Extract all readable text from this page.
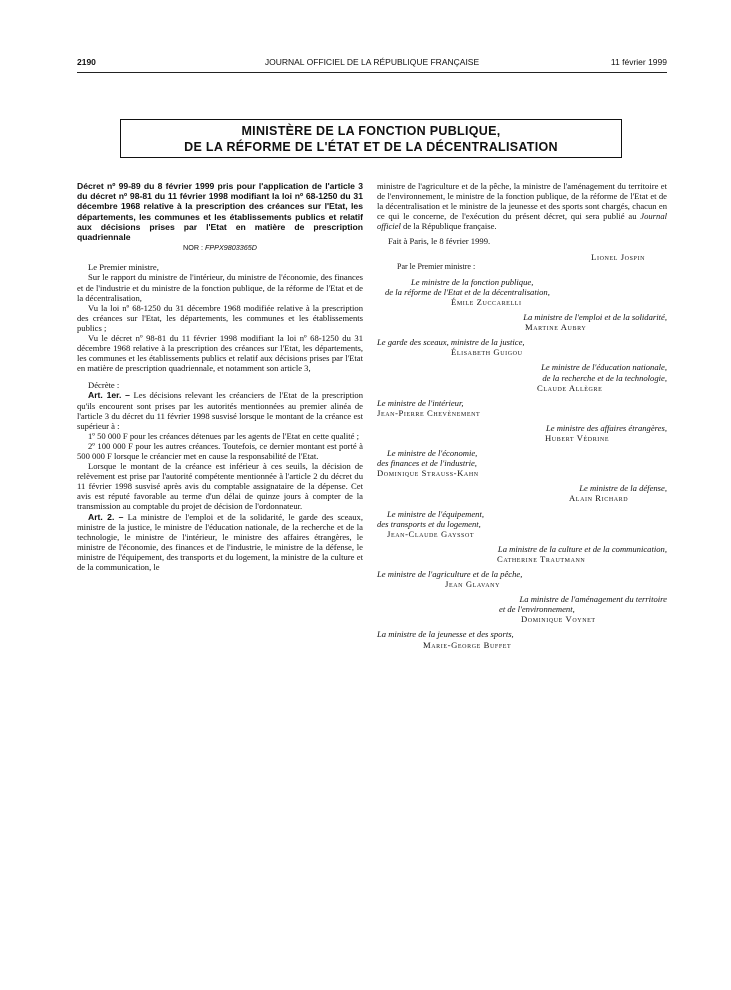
2190	JOURNAL OFFICIEL DE LA RÉPUBLIQUE FRANÇAISE	11 février 1999
MINISTÈRE DE LA FONCTION PUBLIQUE,
DE LA RÉFORME DE L'ÉTAT ET DE LA DÉCENTRALISATION

Décret nº 99-89 du 8 février 1999 pris pour l'application de l'article 3 du décret nº 98-81 du 11 février 1998 modifiant la loi nº 68-1250 du 31 décembre 1968 relative à la prescription des créances sur l'Etat, les départements, les communes et les établissements publics et relatif aux décisions prises par l'Etat en matière de prescription quadriennale

NOR : FPPX9803365D

Le Premier ministre,

Sur le rapport du ministre de l'intérieur, du ministre de l'économie, des finances et de l'industrie et du ministre de la fonction publique, de la réforme de l'Etat et de la décentralisation,

Vu la loi nº 68-1250 du 31 décembre 1968 modifiée relative à la prescription des créances sur l'Etat, les départements, les communes et les établissements publics ;

Vu le décret nº 98-81 du 11 février 1998 modifiant la loi nº 68-1250 du 31 décembre 1968 relative à la prescription des créances sur l'Etat, les départements, les communes et les établissements publics et relatif aux décisions prises par l'Etat en matière de prescription quadriennale, et notamment son article 3,

Décrète :

Art. 1er. – Les décisions relevant les créanciers de l'Etat de la prescription qu'ils encourent sont prises par les autorités mentionnées au premier alinéa de l'article 3 du décret du 11 février 1998 susvisé lorsque le montant de la créance est supérieur à :

1º 50 000 F pour les créances détenues par les agents de l'Etat en cette qualité ;

2º 100 000 F pour les autres créances. Toutefois, ce dernier montant est porté à 500 000 F lorsque le créancier met en cause la responsabilité de l'Etat.

Lorsque le montant de la créance est inférieur à ces seuils, la décision de relèvement est prise par l'autorité compétente mentionnée à l'article 2 du décret du 11 février 1998 susvisé après avis du comptable assignataire de la dépense. Cet avis est réputé favorable au terme d'un délai de quinze jours à compter de la transmission au comptable du projet de décision de l'ordonnateur.

Art. 2. – La ministre de l'emploi et de la solidarité, le garde des sceaux, ministre de la justice, le ministre de l'éducation nationale, de la recherche et de la technologie, le ministre de l'intérieur, le ministre des affaires étrangères, le ministre de l'économie, des finances et de l'industrie, le ministre de la défense, le ministre de l'équipement, des transports et du logement, la ministre de la culture et de la communication, le

ministre de l'agriculture et de la pêche, la ministre de l'aménagement du territoire et de l'environnement, le ministre de la fonction publique, de la réforme de l'Etat et de la décentralisation et le ministre de la jeunesse et des sports sont chargés, chacun en ce qui le concerne, de l'exécution du présent décret, qui sera publié au Journal officiel de la République française.

Fait à Paris, le 8 février 1999.

Lionel Jospin

Par le Premier ministre :

Le ministre de la fonction publique,

de la réforme de l'Etat et de la décentralisation,

Émile Zuccarelli

La ministre de l'emploi et de la solidarité,

Martine Aubry

Le garde des sceaux, ministre de la justice,

Élisabeth Guigou

Le ministre de l'éducation nationale,

de la recherche et de la technologie,

Claude Allègre

Le ministre de l'intérieur,

Jean-Pierre Chevènement

Le ministre des affaires étrangères,

Hubert Védrine

Le ministre de l'économie,

des finances et de l'industrie,

Dominique Strauss-Kahn

Le ministre de la défense,

Alain Richard

Le ministre de l'équipement,

des transports et du logement,

Jean-Claude Gayssot

La ministre de la culture et de la communication,

Catherine Trautmann

Le ministre de l'agriculture et de la pêche,

Jean Glavany

La ministre de l'aménagement du territoire

et de l'environnement,

Dominique Voynet

La ministre de la jeunesse et des sports,

Marie-George Buffet
